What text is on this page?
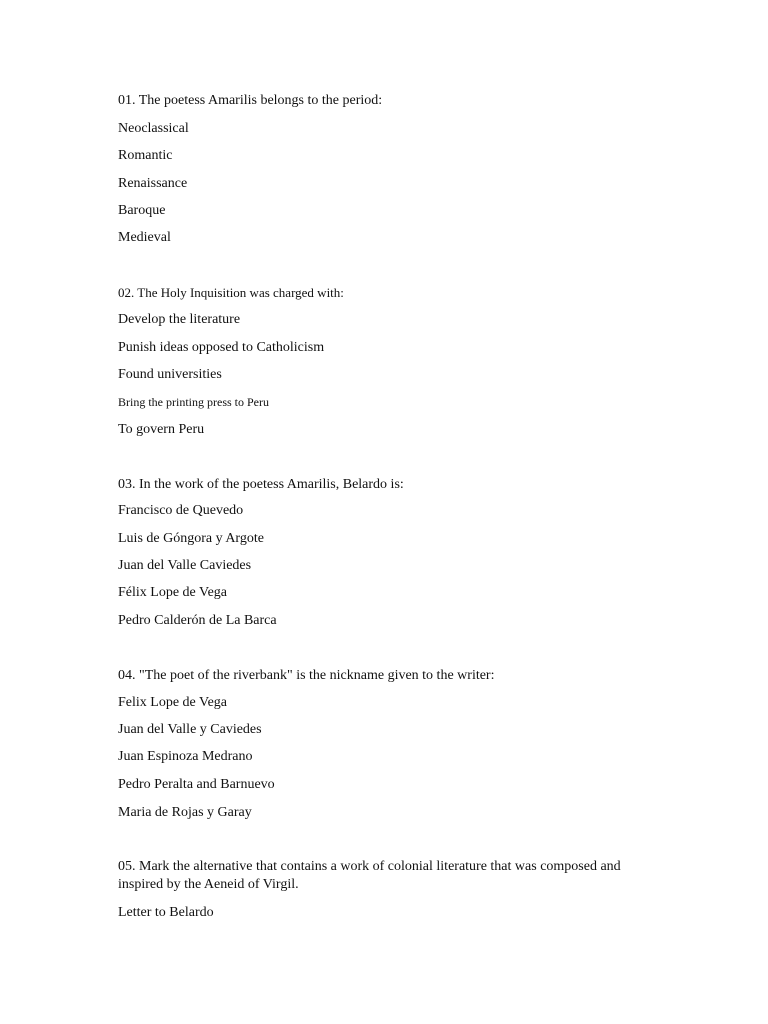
01. The poetess Amarilis belongs to the period:

Neoclassical

Romantic

Renaissance

Baroque

Medieval

02. The Holy Inquisition was charged with:

Develop the literature

Punish ideas opposed to Catholicism

Found universities

Bring the printing press to Peru

To govern Peru

03. In the work of the poetess Amarilis, Belardo is:

Francisco de Quevedo

Luis de Góngora y Argote

Juan del Valle Caviedes

Félix Lope de Vega

Pedro Calderón de La Barca

04. "The poet of the riverbank" is the nickname given to the writer:

Felix Lope de Vega

Juan del Valle y Caviedes

Juan Espinoza Medrano

Pedro Peralta and Barnuevo

Maria de Rojas y Garay

05. Mark the alternative that contains a work of colonial literature that was composed and inspired by the Aeneid of Virgil.

Letter to Belardo
